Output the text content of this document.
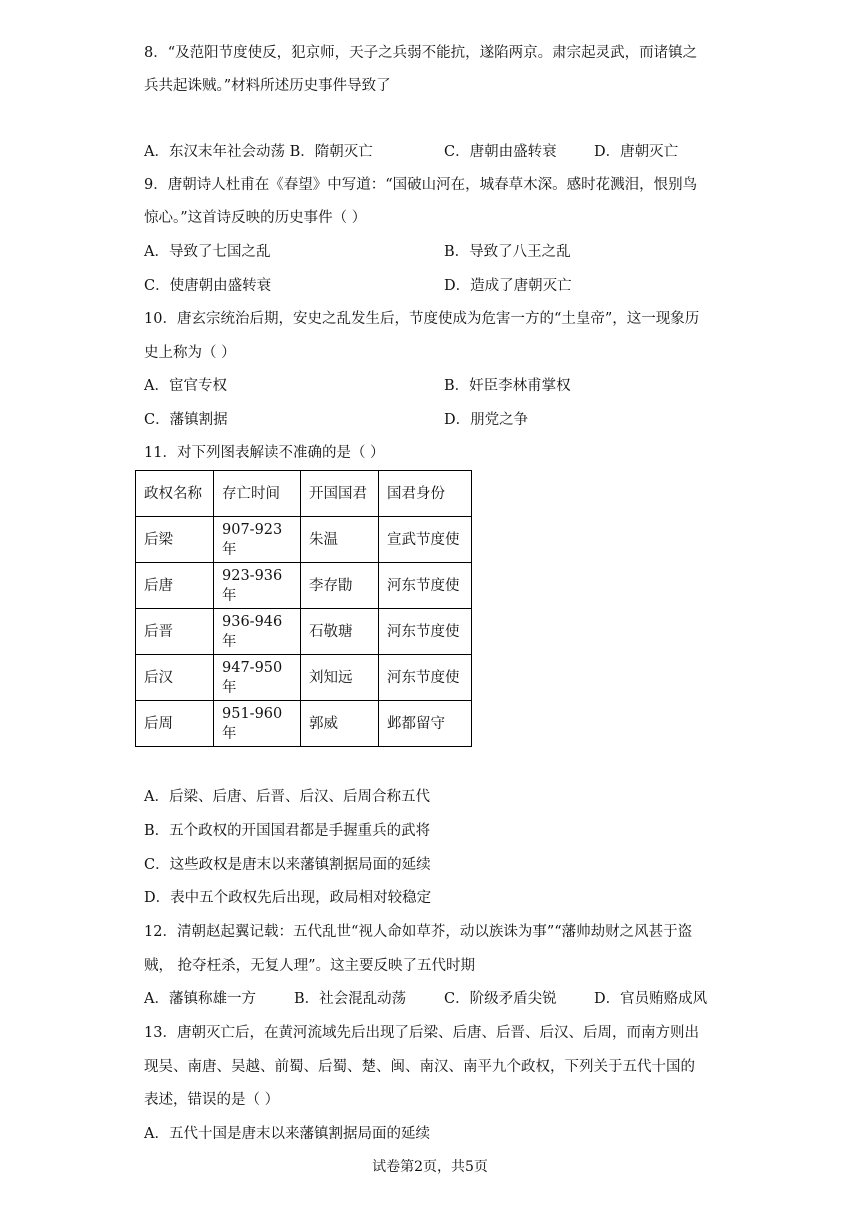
8．“及范阳节度使反，犯京师，天子之兵弱不能抗，遂陷两京。肃宗起灵武，而诸镇之
兵共起诛贼。”材料所述历史事件导致了
A．东汉末年社会动荡 B．隋朝灭亡	C．唐朝由盛转衰	D．唐朝灭亡
9．唐朝诗人杜甫在《春望》中写道：“国破山河在，城春草木深。感时花溅泪，恨别鸟
惊心。”这首诗反映的历史事件（ ）
A．导致了七国之乱	B．导致了八王之乱
C．使唐朝由盛转衰	D．造成了唐朝灭亡
10．唐玄宗统治后期，安史之乱发生后，节度使成为危害一方的“土皇帝”，这一现象历
史上称为（ ）
A．宦官专权	B．奸臣李林甫掌权
C．藩镇割据	D．朋党之争
11．对下列图表解读不准确的是（ ）
政权名称	存亡时间	开国国君	国君身份
后梁	907-923 年	朱温	宣武节度使
后唐	923-936 年	李存勖	河东节度使
后晋	936-946 年	石敬瑭	河东节度使
后汉	947-950 年	刘知远	河东节度使
后周	951-960 年	郭威	邺都留守
A．后梁、后唐、后晋、后汉、后周合称五代
B．五个政权的开国国君都是手握重兵的武将
C．这些政权是唐末以来藩镇割据局面的延续
D．表中五个政权先后出现，政局相对较稳定
12．清朝赵起翼记载：五代乱世“视人命如草芥，动以族诛为事”“藩帅劫财之风甚于盗
贼， 抢夺枉杀，无复人理”。这主要反映了五代时期
A．藩镇称雄一方	B．社会混乱动荡	C．阶级矛盾尖锐	D．官员贿赂成风
13．唐朝灭亡后，在黄河流域先后出现了后梁、后唐、后晋、后汉、后周，而南方则出
现吴、南唐、吴越、前蜀、后蜀、楚、闽、南汉、南平九个政权，下列关于五代十国的
表述，错误的是（ ）
A．五代十国是唐末以来藩镇割据局面的延续
试卷第2页，共5页
